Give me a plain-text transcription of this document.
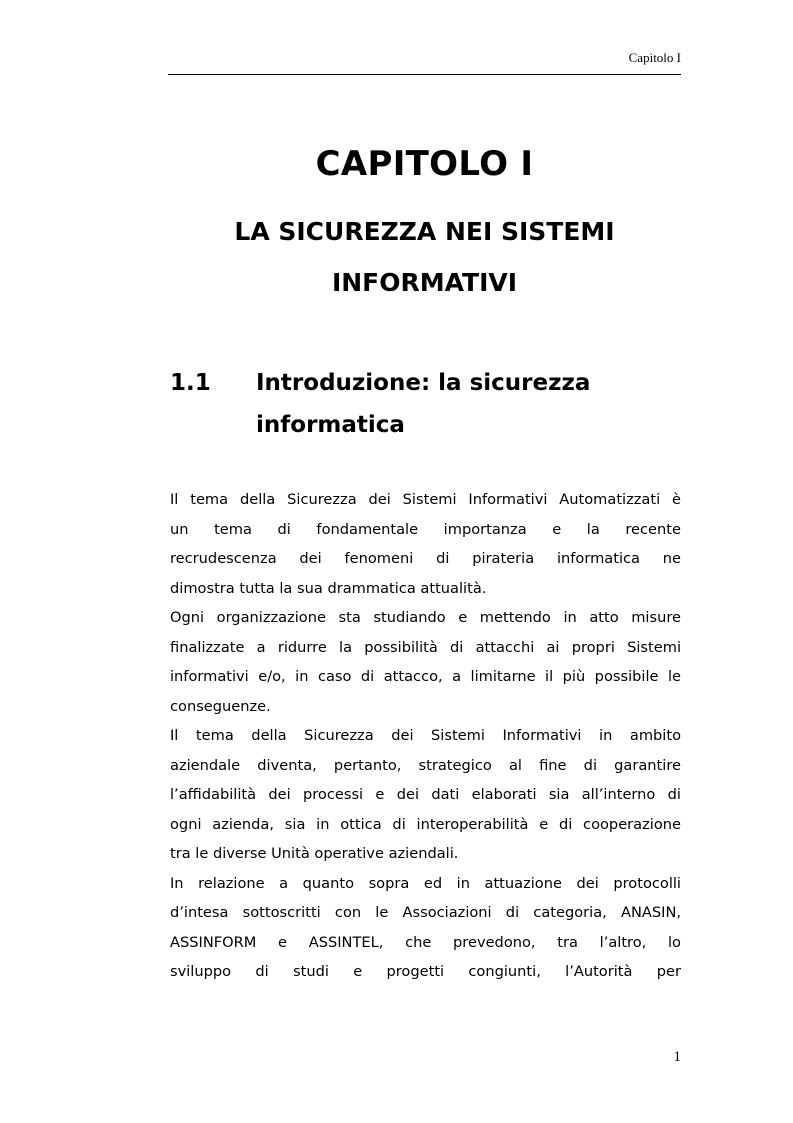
Capitolo I
CAPITOLO I
LA SICUREZZA NEI SISTEMI
INFORMATIVI
1.1 Introduzione: la sicurezza
informatica

Il tema della Sicurezza dei Sistemi Informativi Automatizzati è
un tema di fondamentale importanza e la recente
recrudescenza dei fenomeni di pirateria informatica ne
dimostra tutta la sua drammatica attualità.

Ogni organizzazione sta studiando e mettendo in atto misure
finalizzate a ridurre la possibilità di attacchi ai propri Sistemi
informativi e/o, in caso di attacco, a limitarne il più possibile le
conseguenze.

Il tema della Sicurezza dei Sistemi Informativi in ambito
aziendale diventa, pertanto, strategico al fine di garantire
l’affidabilità dei processi e dei dati elaborati sia all’interno di
ogni azienda, sia in ottica di interoperabilità e di cooperazione
tra le diverse Unità operative aziendali.

In relazione a quanto sopra ed in attuazione dei protocolli
d’intesa sottoscritti con le Associazioni di categoria, ANASIN,
ASSINFORM e ASSINTEL, che prevedono, tra l’altro, lo
sviluppo di studi e progetti congiunti, l’Autorità per

1
